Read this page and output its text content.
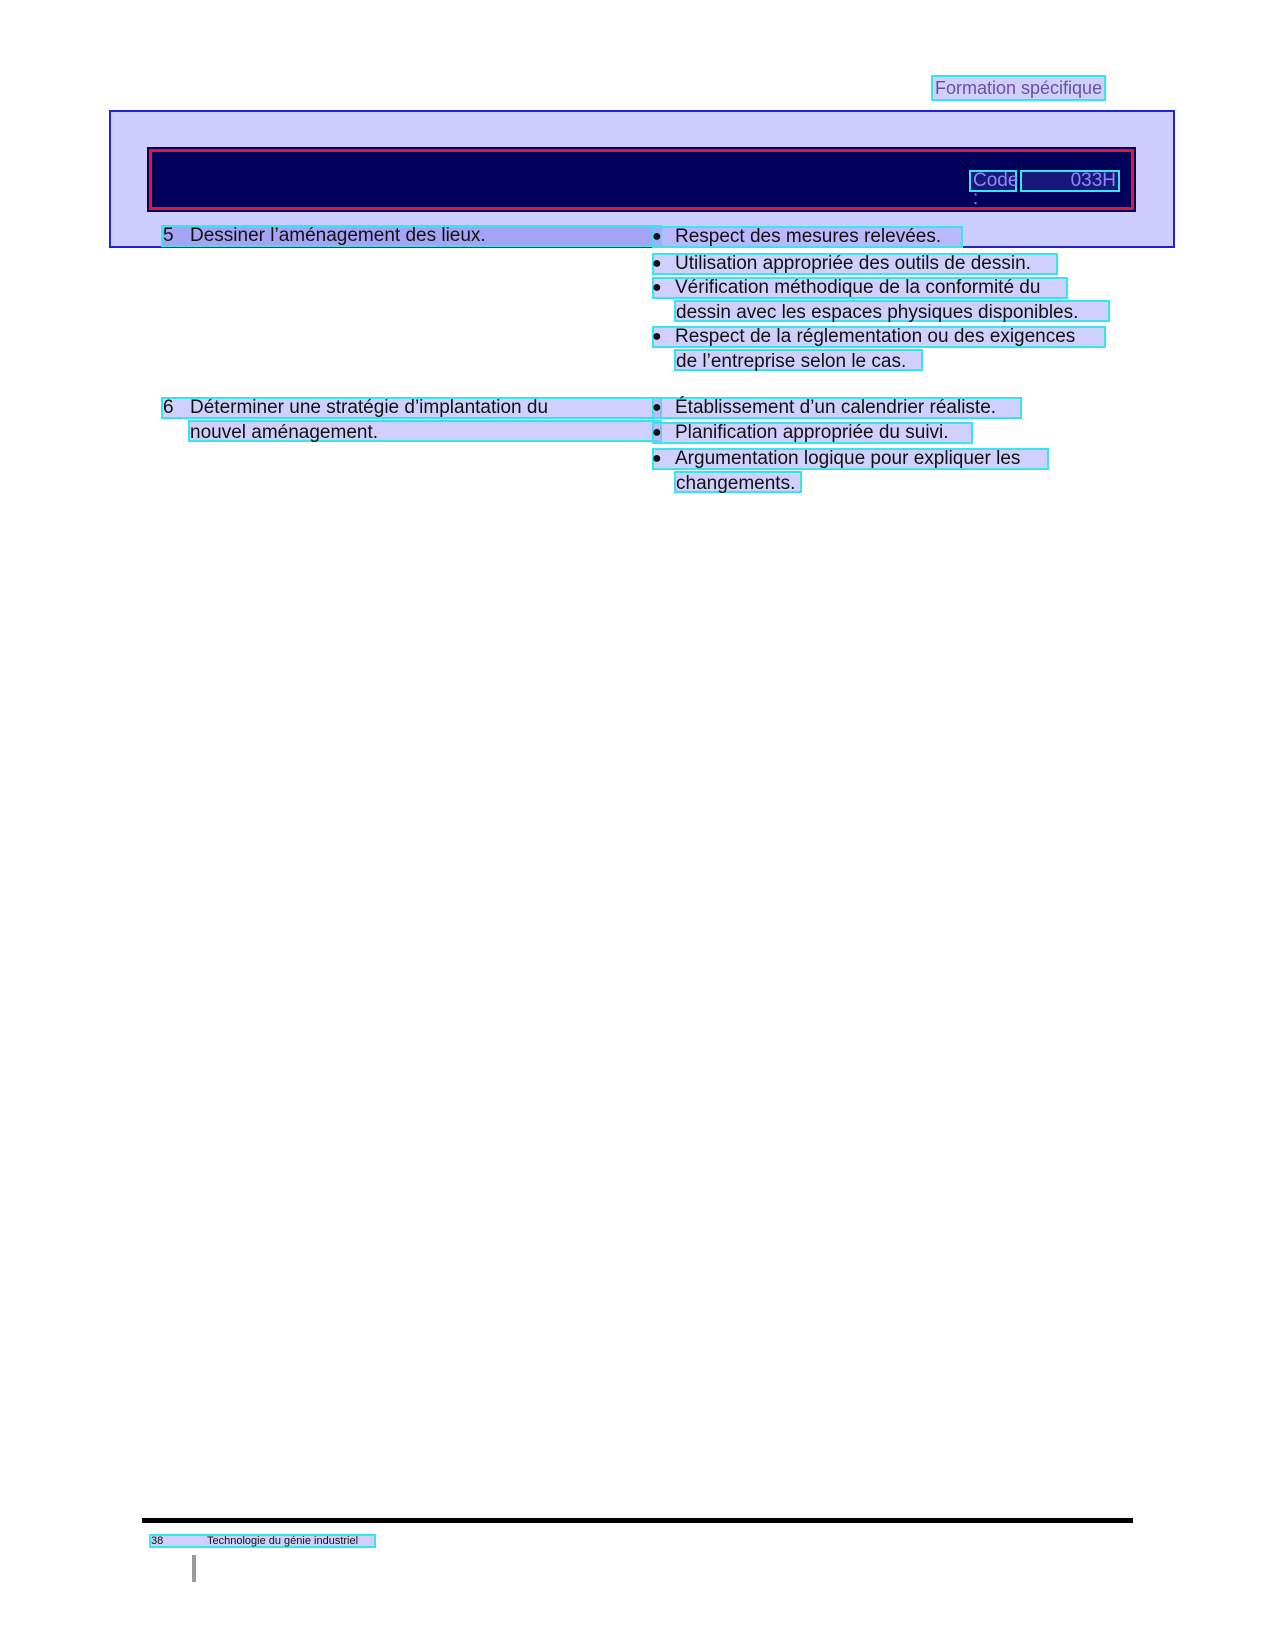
Formation spécifique
Code :
033H
5 Dessiner l’aménagement des lieux.	● Respect des mesures relevées.
● Utilisation appropriée des outils de dessin.
● Vérification méthodique de la conformité du
dessin avec les espaces physiques disponibles.
● Respect de la réglementation ou des exigences
de l’entreprise selon le cas.
6 Déterminer une stratégie d’implantation du
nouvel aménagement.
● Établissement d’un calendrier réaliste.
● Planification appropriée du suivi.
● Argumentation logique pour expliquer les
changements.
38	Technologie du génie industriel
